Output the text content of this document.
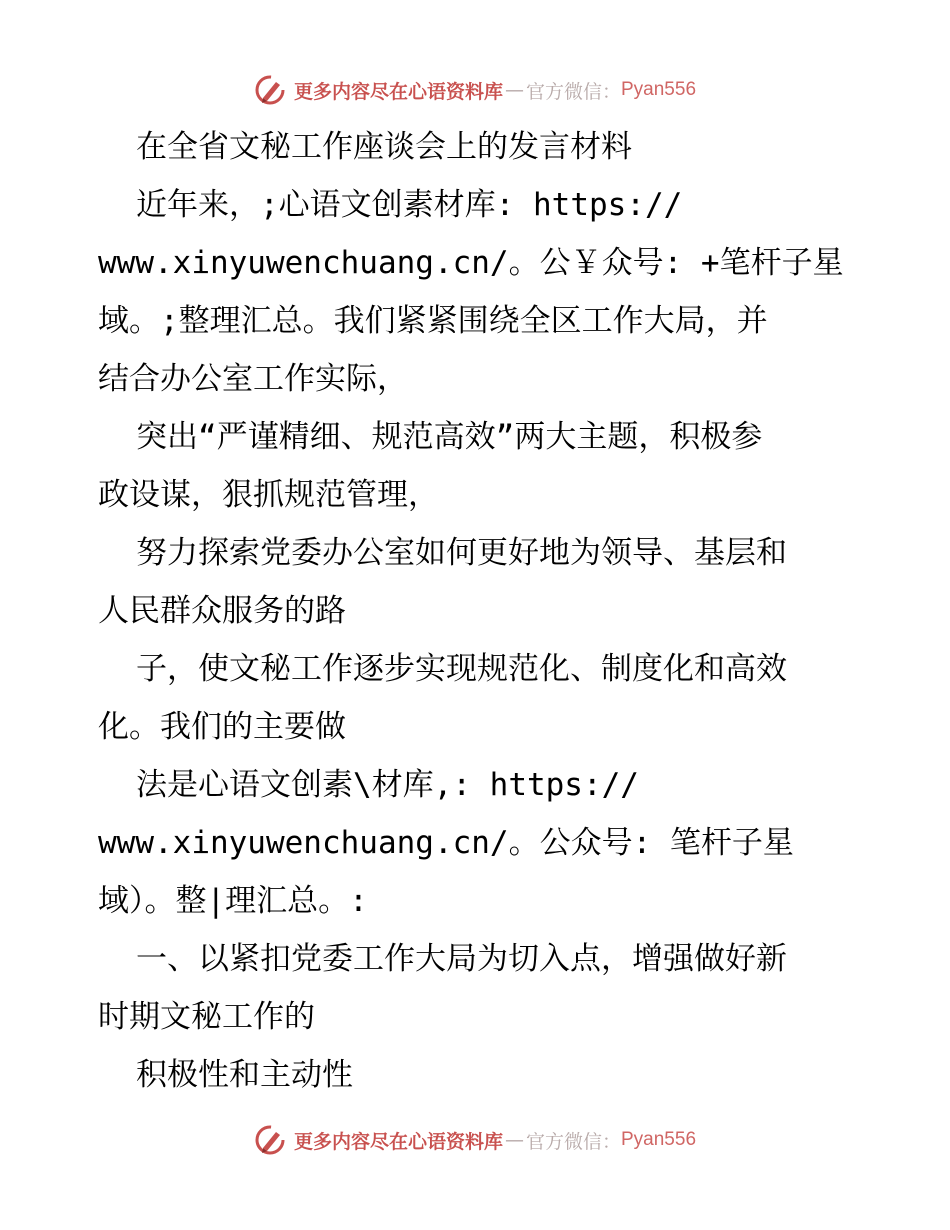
更多内容尽在心语资料库 — 官方微信： Pyan556
在全省文秘工作座谈会上的发言材料
近年来，;心语文创素材库: https://
www.xinyuwenchuang.cn/。公￥众号: +笔杆子星
域。;整理汇总。我们紧紧围绕全区工作大局，并
结合办公室工作实际，
突出“严谨精细、规范高效”两大主题，积极参
政设谋，狠抓规范管理，
努力探索党委办公室如何更好地为领导、基层和
人民群众服务的路
子，使文秘工作逐步实现规范化、制度化和高效
化。我们的主要做
法是心语文创素\材库,: https://
www.xinyuwenchuang.cn/。公众号: 笔杆子星
域）。整|理汇总。:
一、以紧扣党委工作大局为切入点，增强做好新
时期文秘工作的
积极性和主动性
更多内容尽在心语资料库 — 官方微信： Pyan556
